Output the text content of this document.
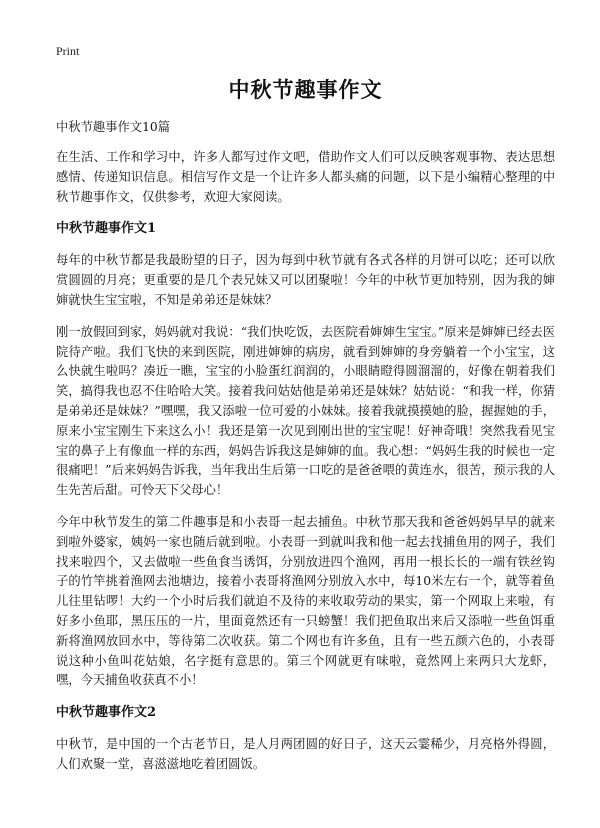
Print
中秋节趣事作文
中秋节趣事作文10篇

在生活、工作和学习中，许多人都写过作文吧，借助作文人们可以反映客观事物、表达思想感情、传递知识信息。相信写作文是一个让许多人都头痛的问题，以下是小编精心整理的中秋节趣事作文，仅供参考，欢迎大家阅读。

中秋节趣事作文1

每年的中秋节都是我最盼望的日子，因为每到中秋节就有各式各样的月饼可以吃；还可以欣赏圆圆的月亮；更重要的是几个表兄妹又可以团聚啦！今年的中秋节更加特别，因为我的婶婶就快生宝宝啦，不知是弟弟还是妹妹？

刚一放假回到家，妈妈就对我说：“我们快吃饭，去医院看婶婶生宝宝。”原来是婶婶已经去医院待产啦。我们飞快的来到医院，刚进婶婶的病房，就看到婶婶的身旁躺着一个小宝宝，这么快就生啦吗？凑近一瞧，宝宝的小脸蛋红润润的，小眼睛瞪得圆溜溜的，好像在朝着我们笑，搞得我也忍不住哈哈大笑。接着我问姑姑他是弟弟还是妹妹？姑姑说：“和我一样，你猜是弟弟还是妹妹？”嘿嘿，我又添啦一位可爱的小妹妹。接着我就摸摸她的脸，握握她的手，原来小宝宝刚生下来这么小！我还是第一次见到刚出世的宝宝呢！好神奇哦！突然我看见宝宝的鼻子上有像血一样的东西，妈妈告诉我这是婶婶的血。我心想：“妈妈生我的时候也一定很痛吧！”后来妈妈告诉我，当年我出生后第一口吃的是爸爸喂的黄连水，很苦，预示我的人生先苦后甜。可怜天下父母心！

今年中秋节发生的第二件趣事是和小表哥一起去捕鱼。中秋节那天我和爸爸妈妈早早的就来到啦外婆家，姨妈一家也随后就到啦。小表哥一到就叫我和他一起去找捕鱼用的网子，我们找来啦四个，又去做啦一些鱼食当诱饵，分别放进四个渔网，再用一根长长的一端有铁丝钩子的竹竿挑着渔网去池塘边，接着小表哥将渔网分别放入水中，每10米左右一个，就等着鱼儿往里钻啰！大约一个小时后我们就迫不及待的来收取劳动的果实，第一个网取上来啦，有好多小鱼耶，黑压压的一片，里面竟然还有一只螃蟹！我们把鱼取出来后又添啦一些鱼饵重新将渔网放回水中，等待第二次收获。第二个网也有许多鱼，且有一些五颜六色的，小表哥说这种小鱼叫花姑娘，名字挺有意思的。第三个网就更有味啦，竟然网上来两只大龙虾，嘿，今天捕鱼收获真不小！

中秋节趣事作文2

中秋节，是中国的一个古老节日，是人月两团圆的好日子，这天云霎稀少，月亮格外得圆，人们欢聚一堂，喜滋滋地吃着团圆饭。
